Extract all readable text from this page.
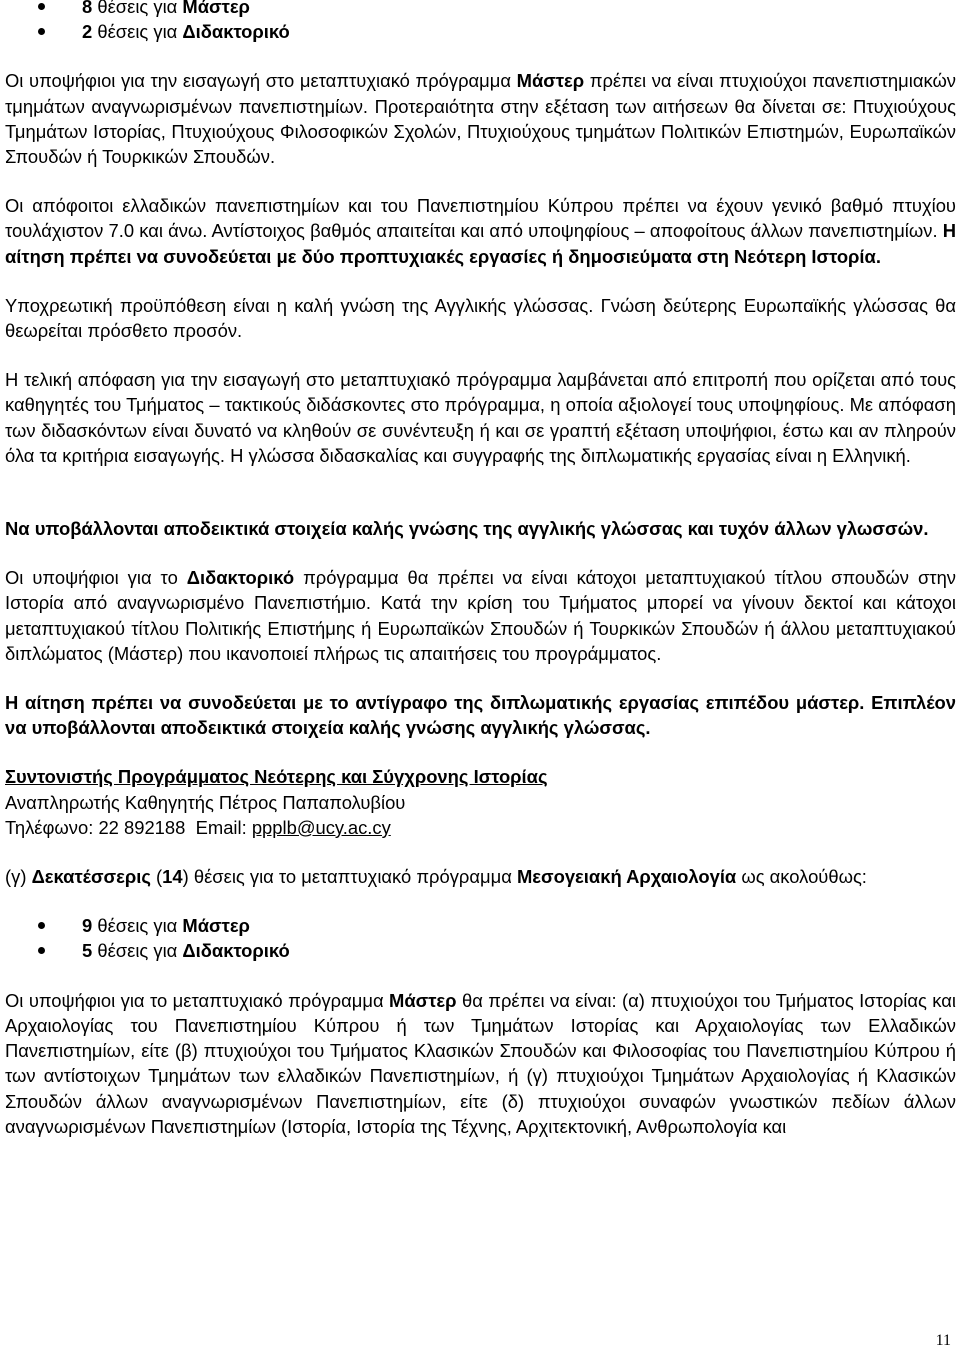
8 θέσεις για Μάστερ
2 θέσεις για Διδακτορικό

Οι υποψήφιοι για την εισαγωγή στο μεταπτυχιακό πρόγραμμα Μάστερ πρέπει να είναι πτυχιούχοι πανεπιστημιακών τμημάτων αναγνωρισμένων πανεπιστημίων. Προτεραιότητα στην εξέταση των αιτήσεων θα δίνεται σε: Πτυχιούχους Τμημάτων Ιστορίας, Πτυχιούχους Φιλοσοφικών Σχολών, Πτυχιούχους τμημάτων Πολιτικών Επιστημών, Ευρωπαϊκών Σπουδών ή Τουρκικών Σπουδών.

Οι απόφοιτοι ελλαδικών πανεπιστημίων και του Πανεπιστημίου Κύπρου πρέπει να έχουν γενικό βαθμό πτυχίου τουλάχιστον 7.0 και άνω. Αντίστοιχος βαθμός απαιτείται και από υποψηφίους – αποφοίτους άλλων πανεπιστημίων. Η αίτηση πρέπει να συνοδεύεται με δύο προπτυχιακές εργασίες ή δημοσιεύματα στη Νεότερη Ιστορία.

Υποχρεωτική προϋπόθεση είναι η καλή γνώση της Αγγλικής γλώσσας. Γνώση δεύτερης Ευρωπαϊκής γλώσσας θα θεωρείται πρόσθετο προσόν.

Η τελική απόφαση για την εισαγωγή στο μεταπτυχιακό πρόγραμμα λαμβάνεται από επιτροπή που ορίζεται από τους καθηγητές του Τμήματος – τακτικούς διδάσκοντες στο πρόγραμμα, η οποία αξιολογεί τους υποψηφίους. Με απόφαση των διδασκόντων είναι δυνατό να κληθούν σε συνέντευξη ή και σε γραπτή εξέταση υποψήφιοι, έστω και αν πληρούν όλα τα κριτήρια εισαγωγής. Η γλώσσα διδασκαλίας και συγγραφής της διπλωματικής εργασίας είναι η Ελληνική.

Να υποβάλλονται αποδεικτικά στοιχεία καλής γνώσης της αγγλικής γλώσσας και τυχόν άλλων γλωσσών.

Οι υποψήφιοι για το Διδακτορικό πρόγραμμα θα πρέπει να είναι κάτοχοι μεταπτυχιακού τίτλου σπουδών στην Ιστορία από αναγνωρισμένο Πανεπιστήμιο. Κατά την κρίση του Τμήματος μπορεί να γίνουν δεκτοί και κάτοχοι μεταπτυχιακού τίτλου Πολιτικής Επιστήμης ή Ευρωπαϊκών Σπουδών ή Τουρκικών Σπουδών ή άλλου μεταπτυχιακού διπλώματος (Μάστερ) που ικανοποιεί πλήρως τις απαιτήσεις του προγράμματος.

Η αίτηση πρέπει να συνοδεύεται με το αντίγραφο της διπλωματικής εργασίας επιπέδου μάστερ. Επιπλέον να υποβάλλονται αποδεικτικά στοιχεία καλής γνώσης αγγλικής γλώσσας.

Συντονιστής Προγράμματος Νεότερης και Σύγχρονης Ιστορίας

Αναπληρωτής Καθηγητής Πέτρος Παπαπολυβίου

Τηλέφωνο: 22 892188 Email: ppplb@ucy.ac.cy

(γ) Δεκατέσσερις (14) θέσεις για το μεταπτυχιακό πρόγραμμα Μεσογειακή Αρχαιολογία ως ακολούθως:

9 θέσεις για Μάστερ
5 θέσεις για Διδακτορικό

Οι υποψήφιοι για το μεταπτυχιακό πρόγραμμα Μάστερ θα πρέπει να είναι: (α) πτυχιούχοι του Τμήματος Ιστορίας και Αρχαιολογίας του Πανεπιστημίου Κύπρου ή των Τμημάτων Ιστορίας και Αρχαιολογίας των Ελλαδικών Πανεπιστημίων, είτε (β) πτυχιούχοι του Τμήματος Κλασικών Σπουδών και Φιλοσοφίας του Πανεπιστημίου Κύπρου ή των αντίστοιχων Τμημάτων των ελλαδικών Πανεπιστημίων, ή (γ) πτυχιούχοι Τμημάτων Αρχαιολογίας ή Κλασικών Σπουδών άλλων αναγνωρισμένων Πανεπιστημίων, είτε (δ) πτυχιούχοι συναφών γνωστικών πεδίων άλλων αναγνωρισμένων Πανεπιστημίων (Ιστορία, Ιστορία της Τέχνης, Αρχιτεκτονική, Ανθρωπολογία και

11
